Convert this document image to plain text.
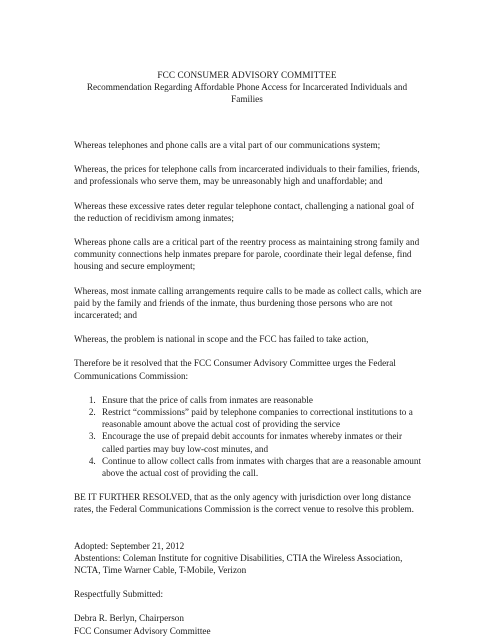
FCC CONSUMER ADVISORY COMMITTEE
Recommendation Regarding Affordable Phone Access for Incarcerated Individuals and Families

Whereas telephones and phone calls are a vital part of our communications system;

Whereas, the prices for telephone calls from incarcerated individuals to their families, friends, and professionals who serve them, may be unreasonably high and unaffordable; and

Whereas these excessive rates deter regular telephone contact, challenging a national goal of the reduction of recidivism among inmates;

Whereas phone calls are a critical part of the reentry process as maintaining strong family and community connections help inmates prepare for parole, coordinate their legal defense, find housing and secure employment;

Whereas, most inmate calling arrangements require calls to be made as collect calls, which are paid by the family and friends of the inmate, thus burdening those persons who are not incarcerated; and

Whereas, the problem is national in scope and the FCC has failed to take action,

Therefore be it resolved that the FCC Consumer Advisory Committee urges the Federal Communications Commission:

1. Ensure that the price of calls from inmates are reasonable
2. Restrict “commissions” paid by telephone companies to correctional institutions to a reasonable amount above the actual cost of providing the service
3. Encourage the use of prepaid debit accounts for inmates whereby inmates or their called parties may buy low-cost minutes, and
4. Continue to allow collect calls from inmates with charges that are a reasonable amount above the actual cost of providing the call.

BE IT FURTHER RESOLVED, that as the only agency with jurisdiction over long distance rates, the Federal Communications Commission is the correct venue to resolve this problem.

Adopted: September 21, 2012

Abstentions: Coleman Institute for cognitive Disabilities, CTIA the Wireless Association, NCTA, Time Warner Cable, T-Mobile, Verizon

Respectfully Submitted:

Debra R. Berlyn, Chairperson

FCC Consumer Advisory Committee
